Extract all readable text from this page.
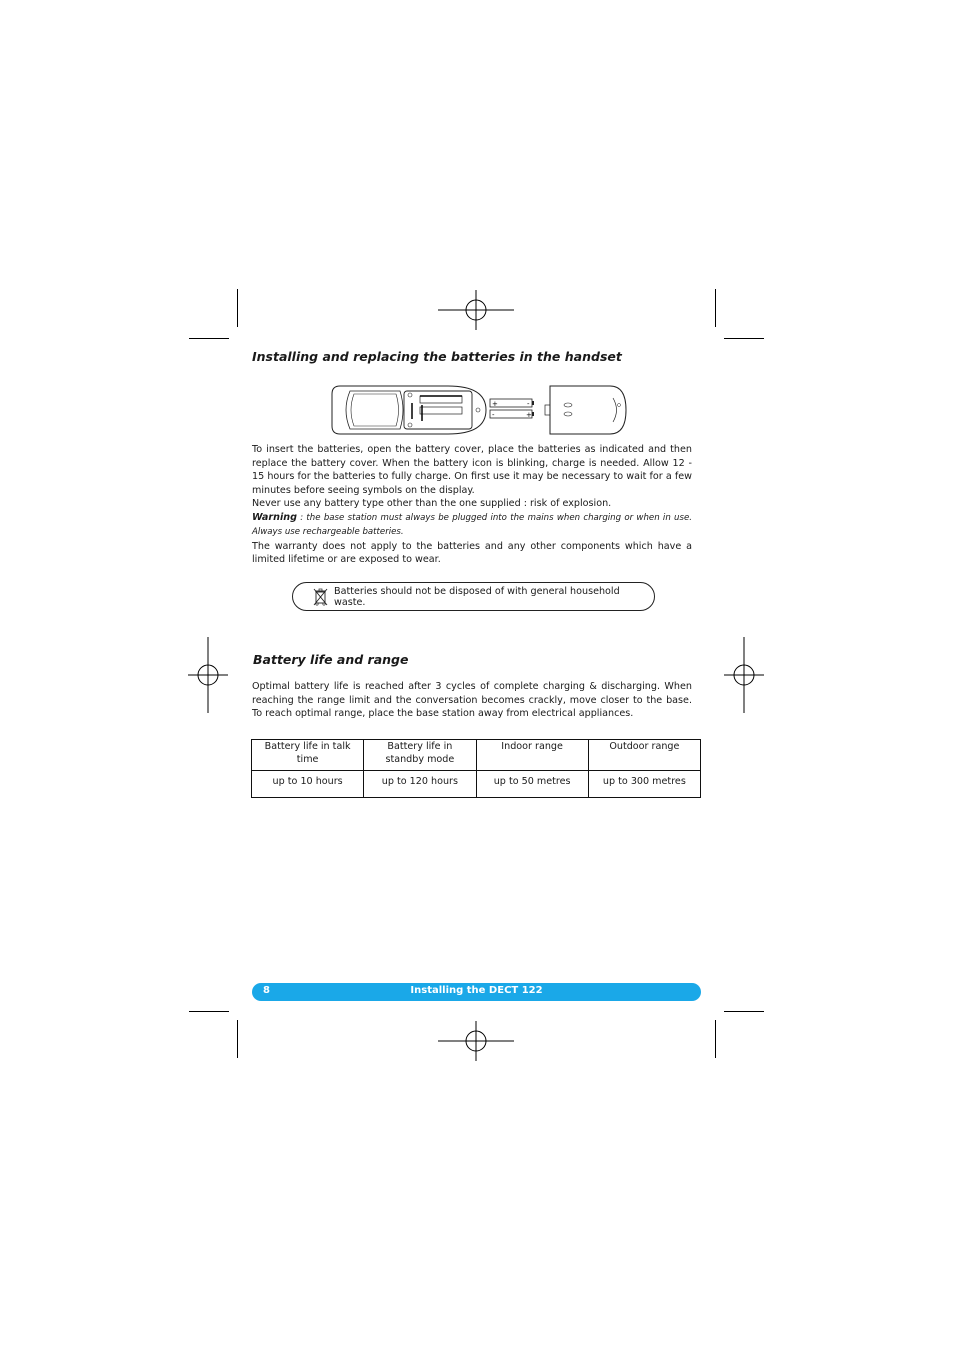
Installing and replacing the batteries in the handset
+	-
-	+

To insert the batteries, open the battery cover, place the batteries as indicated and then replace the battery cover. When the battery icon is blinking, charge is needed. Allow 12 - 15 hours for the batteries to fully charge. On first use it may be necessary to wait for a few minutes before seeing symbols on the display.

Never use any battery type other than the one supplied : risk of explosion.

Warning : the base station must always be plugged into the mains when charging or when in use. Always use rechargeable batteries.

The warranty does not apply to the batteries and any other components which have a limited lifetime or are exposed to wear.

Batteries should not be disposed of with general household waste.
Battery life and range

Optimal battery life is reached after 3 cycles of complete charging & discharging. When reaching the range limit and the conversation becomes crackly, move closer to the base. To reach optimal range, place the base station away from electrical appliances.

Battery life in talk time	Battery life in standby mode	Indoor range	Outdoor range
up to 10 hours	up to 120 hours	up to 50 metres	up to 300 metres
8	Installing the DECT 122
